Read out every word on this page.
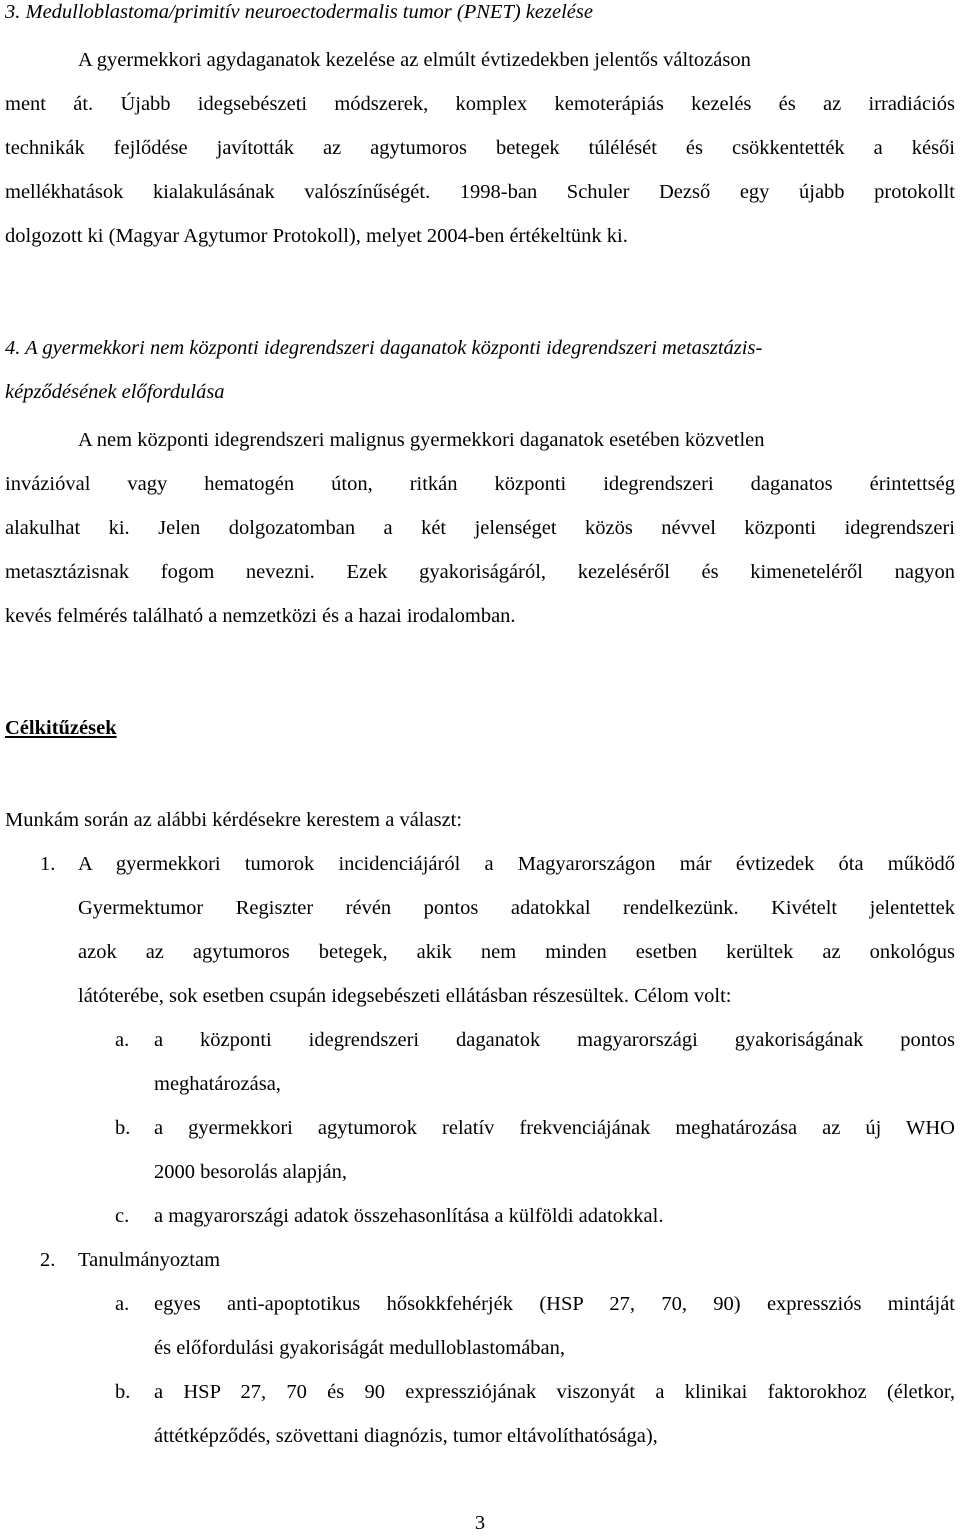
3. Medulloblastoma/primitív neuroectodermalis tumor (PNET) kezelése
A gyermekkori agydaganatok kezelése az elmúlt évtizedekben jelentős változáson
ment át. Újabb idegsebészeti módszerek, komplex kemoterápiás kezelés és az irradiációs
technikák fejlődése javították az agytumoros betegek túlélését és csökkentették a késői
mellékhatások kialakulásának valószínűségét. 1998-ban Schuler Dezső egy újabb protokollt
dolgozott ki (Magyar Agytumor Protokoll), melyet 2004-ben értékeltünk ki.
4. A gyermekkori nem központi idegrendszeri daganatok központi idegrendszeri metasztázis-
képződésének előfordulása
A nem központi idegrendszeri malignus gyermekkori daganatok esetében közvetlen
invázióval vagy hematogén úton, ritkán központi idegrendszeri daganatos érintettség
alakulhat ki. Jelen dolgozatomban a két jelenséget közös névvel központi idegrendszeri
metasztázisnak fogom nevezni. Ezek gyakoriságáról, kezeléséről és kimeneteléről nagyon
kevés felmérés található a nemzetközi és a hazai irodalomban.
Célkitűzések
Munkám során az alábbi kérdésekre kerestem a választ:
1. A gyermekkori tumorok incidenciájáról a Magyarországon már évtizedek óta működő
Gyermektumor Regiszter révén pontos adatokkal rendelkezünk. Kivételt jelentettek
azok az agytumoros betegek, akik nem minden esetben kerültek az onkológus
látóterébe, sok esetben csupán idegsebészeti ellátásban részesültek. Célom volt:
a. a központi idegrendszeri daganatok magyarországi gyakoriságának pontos
meghatározása,
b. a gyermekkori agytumorok relatív frekvenciájának meghatározása az új WHO
2000 besorolás alapján,
c. a magyarországi adatok összehasonlítása a külföldi adatokkal.
2. Tanulmányoztam
a. egyes anti-apoptotikus hősokkfehérjék (HSP 27, 70, 90) expressziós mintáját
és előfordulási gyakoriságát medulloblastomában,
b. a HSP 27, 70 és 90 expressziójának viszonyát a klinikai faktorokhoz (életkor,
áttétképződés, szövettani diagnózis, tumor eltávolíthatósága),
3
